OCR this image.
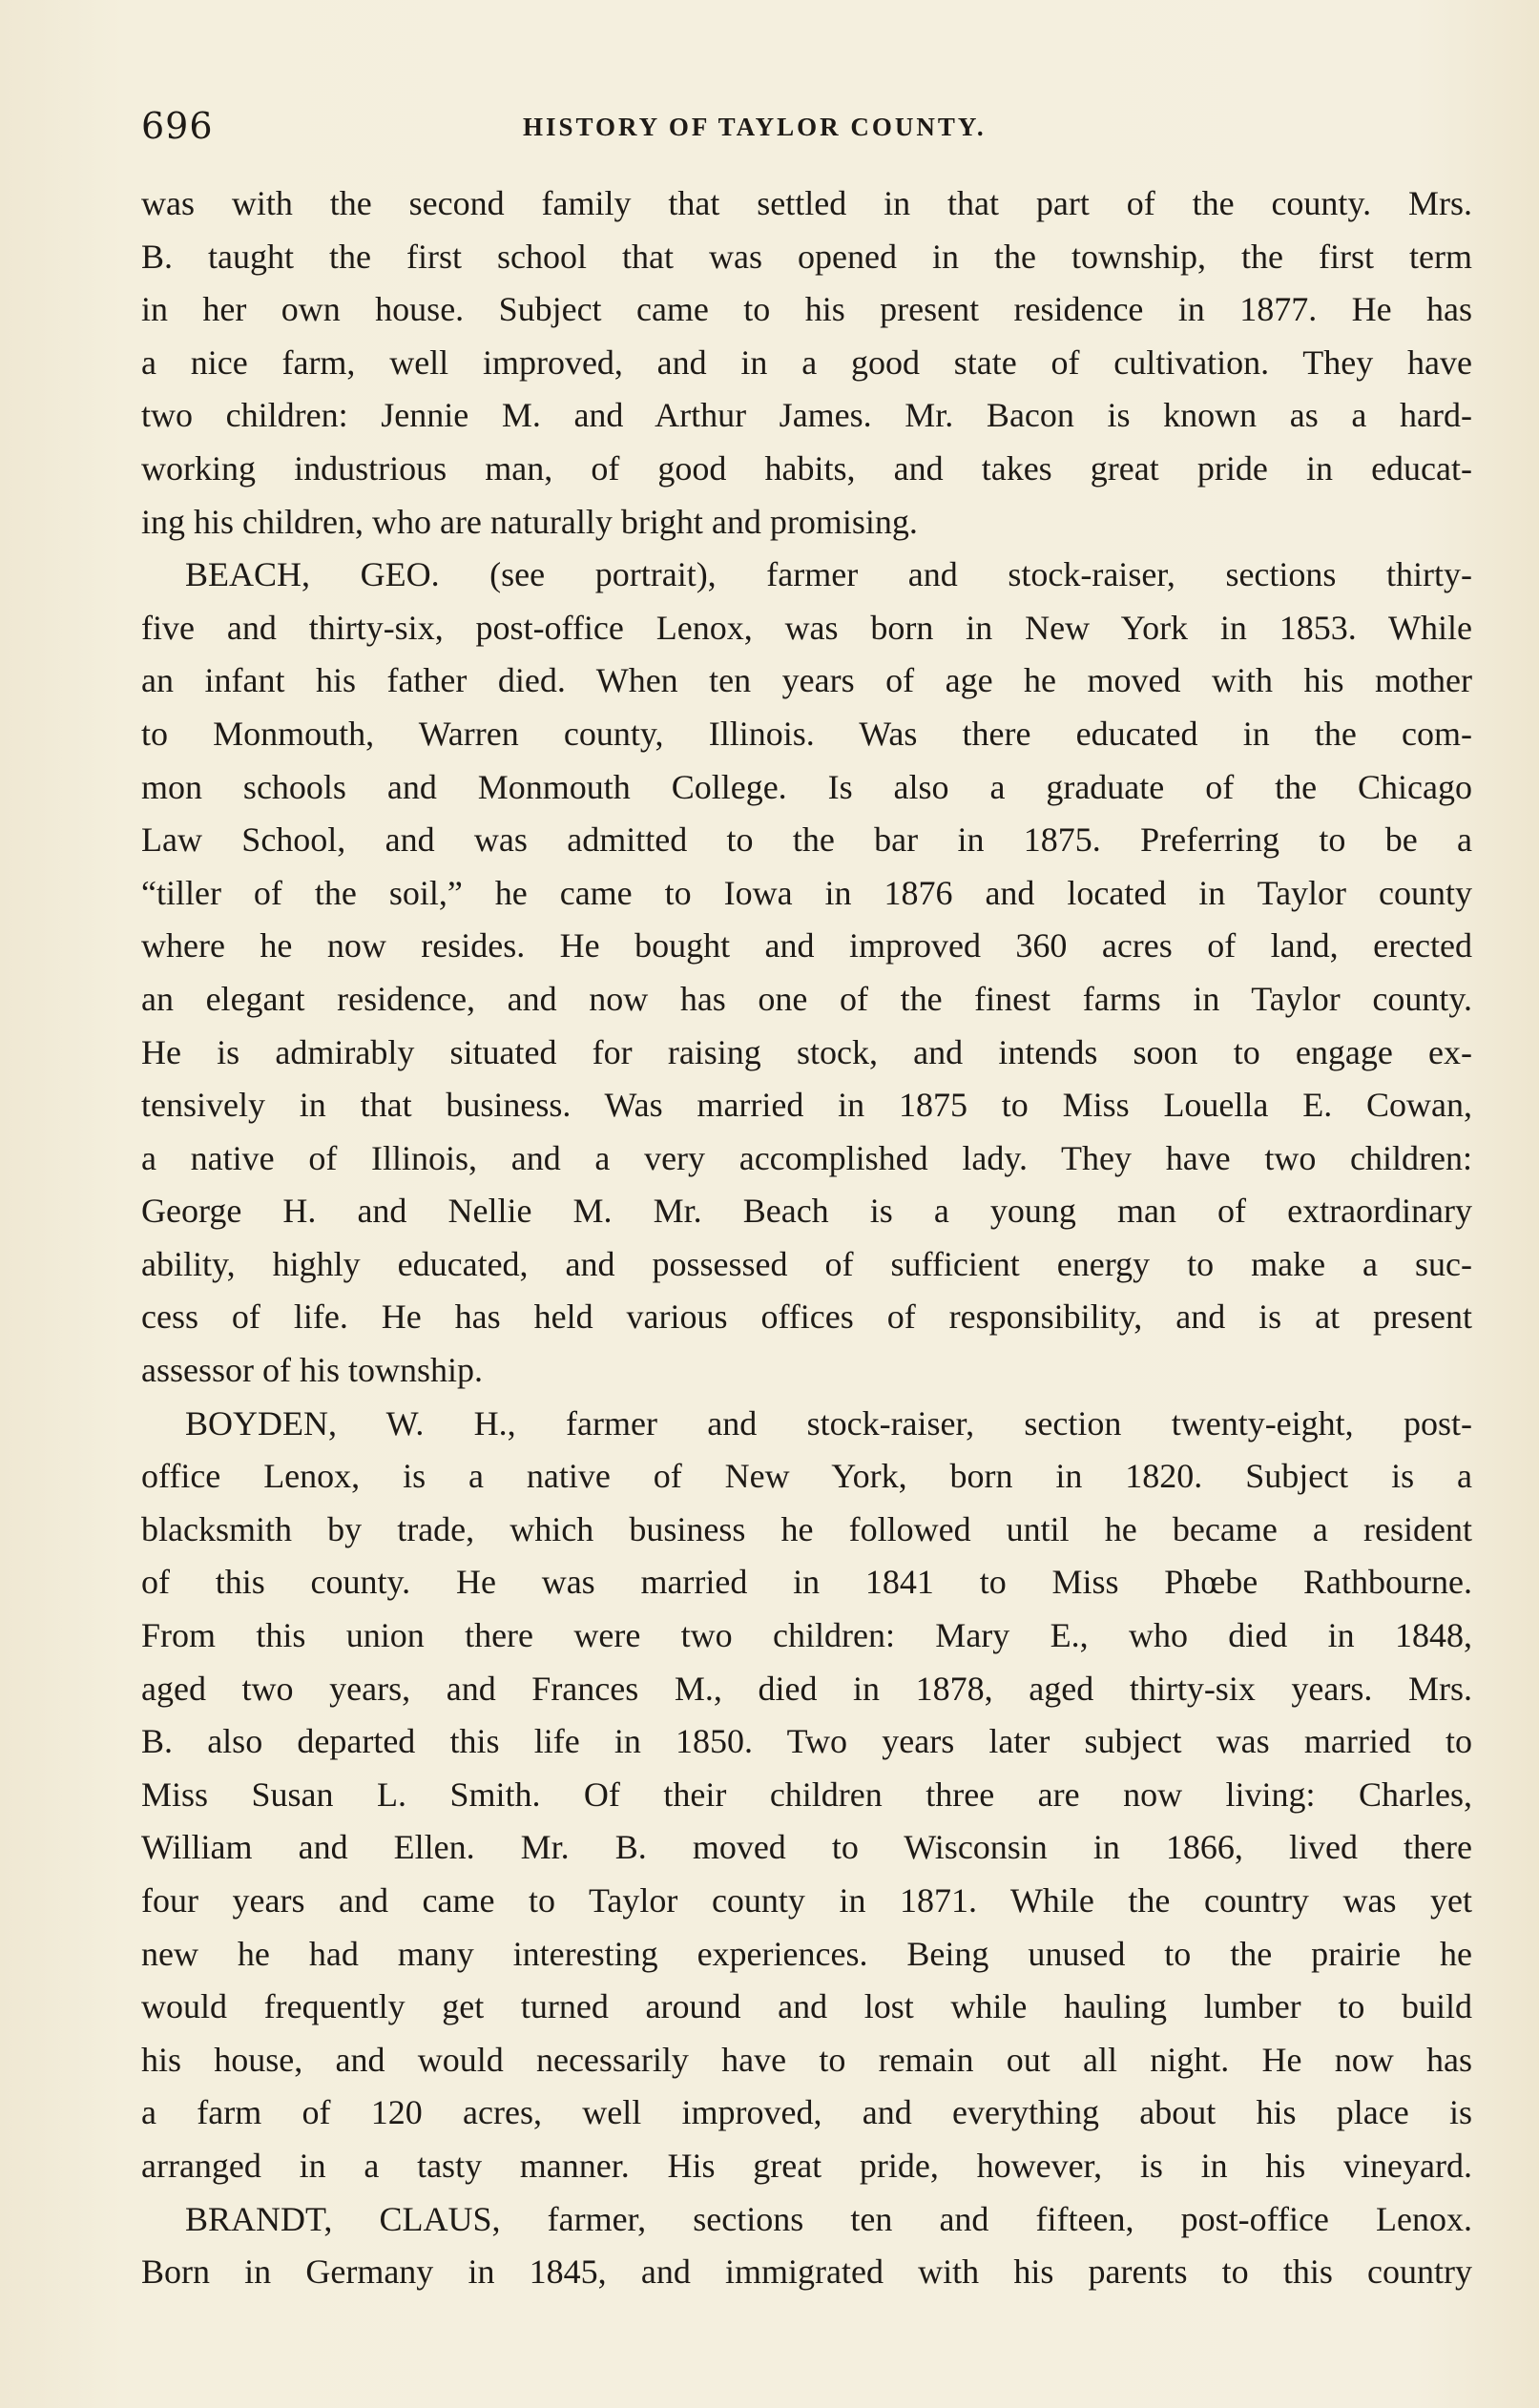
696	HISTORY OF TAYLOR COUNTY.
was with the second family that settled in that part of the county. Mrs.
B. taught the first school that was opened in the township, the first term
in her own house. Subject came to his present residence in 1877. He has
a nice farm, well improved, and in a good state of cultivation. They have
two children: Jennie M. and Arthur James. Mr. Bacon is known as a hard-
working industrious man, of good habits, and takes great pride in educat-
ing his children, who are naturally bright and promising.
BEACH, GEO. (see portrait), farmer and stock-raiser, sections thirty-
five and thirty-six, post-office Lenox, was born in New York in 1853. While
an infant his father died. When ten years of age he moved with his mother
to Monmouth, Warren county, Illinois. Was there educated in the com-
mon schools and Monmouth College. Is also a graduate of the Chicago
Law School, and was admitted to the bar in 1875. Preferring to be a
“tiller of the soil,” he came to Iowa in 1876 and located in Taylor county
where he now resides. He bought and improved 360 acres of land, erected
an elegant residence, and now has one of the finest farms in Taylor county.
He is admirably situated for raising stock, and intends soon to engage ex-
tensively in that business. Was married in 1875 to Miss Louella E. Cowan,
a native of Illinois, and a very accomplished lady. They have two children:
George H. and Nellie M. Mr. Beach is a young man of extraordinary
ability, highly educated, and possessed of sufficient energy to make a suc-
cess of life. He has held various offices of responsibility, and is at present
assessor of his township.
BOYDEN, W. H., farmer and stock-raiser, section twenty-eight, post-
office Lenox, is a native of New York, born in 1820. Subject is a
blacksmith by trade, which business he followed until he became a resident
of this county. He was married in 1841 to Miss Phœbe Rathbourne.
From this union there were two children: Mary E., who died in 1848,
aged two years, and Frances M., died in 1878, aged thirty-six years. Mrs.
B. also departed this life in 1850. Two years later subject was married to
Miss Susan L. Smith. Of their children three are now living: Charles,
William and Ellen. Mr. B. moved to Wisconsin in 1866, lived there
four years and came to Taylor county in 1871. While the country was yet
new he had many interesting experiences. Being unused to the prairie he
would frequently get turned around and lost while hauling lumber to build
his house, and would necessarily have to remain out all night. He now has
a farm of 120 acres, well improved, and everything about his place is
arranged in a tasty manner. His great pride, however, is in his vineyard.
BRANDT, CLAUS, farmer, sections ten and fifteen, post-office Lenox.
Born in Germany in 1845, and immigrated with his parents to this country
